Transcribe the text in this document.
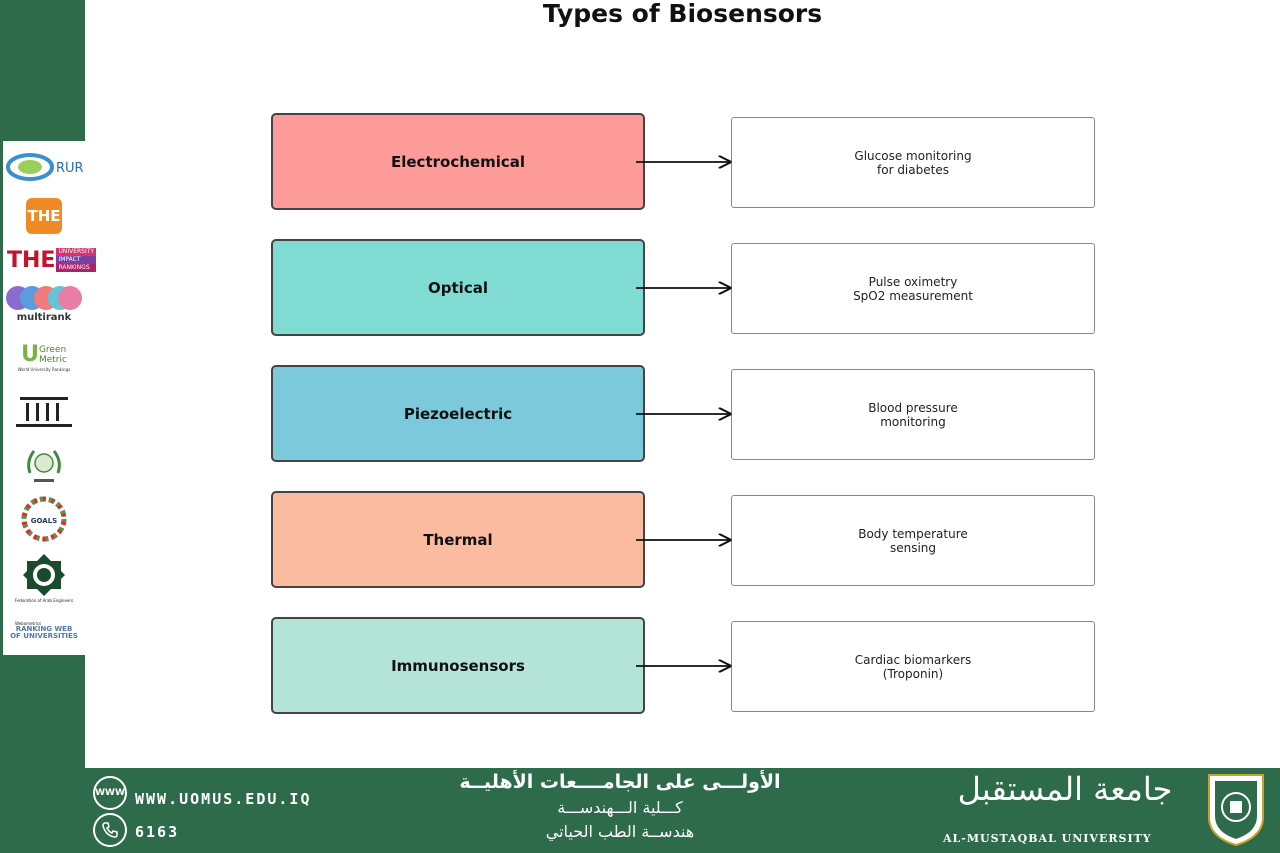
RUR
THE
THE UNIVERSITY
IMPACT
RANKINGS
multirank
U Green
Metric
World University Rankings
GOALS
Federation of Arab Engineers
Webometrics
RANKING WEB
OF UNIVERSITIES
Types of Biosensors
Electrochemical	Glucose monitoring
for diabetes
Optical	Pulse oximetry
SpO2 measurement
Piezoelectric	Blood pressure
monitoring
Thermal	Body temperature
sensing
Immunosensors	Cardiac biomarkers
(Troponin)
WWW WWW.UOMUS.EDU.IQ
6163
الأولـــى على الجامــــعات الأهليــة
كـــلية الـــهندســـة
هندســة الطب الحياتي
جامعة المستقبل
AL-MUSTAQBAL UNIVERSITY
